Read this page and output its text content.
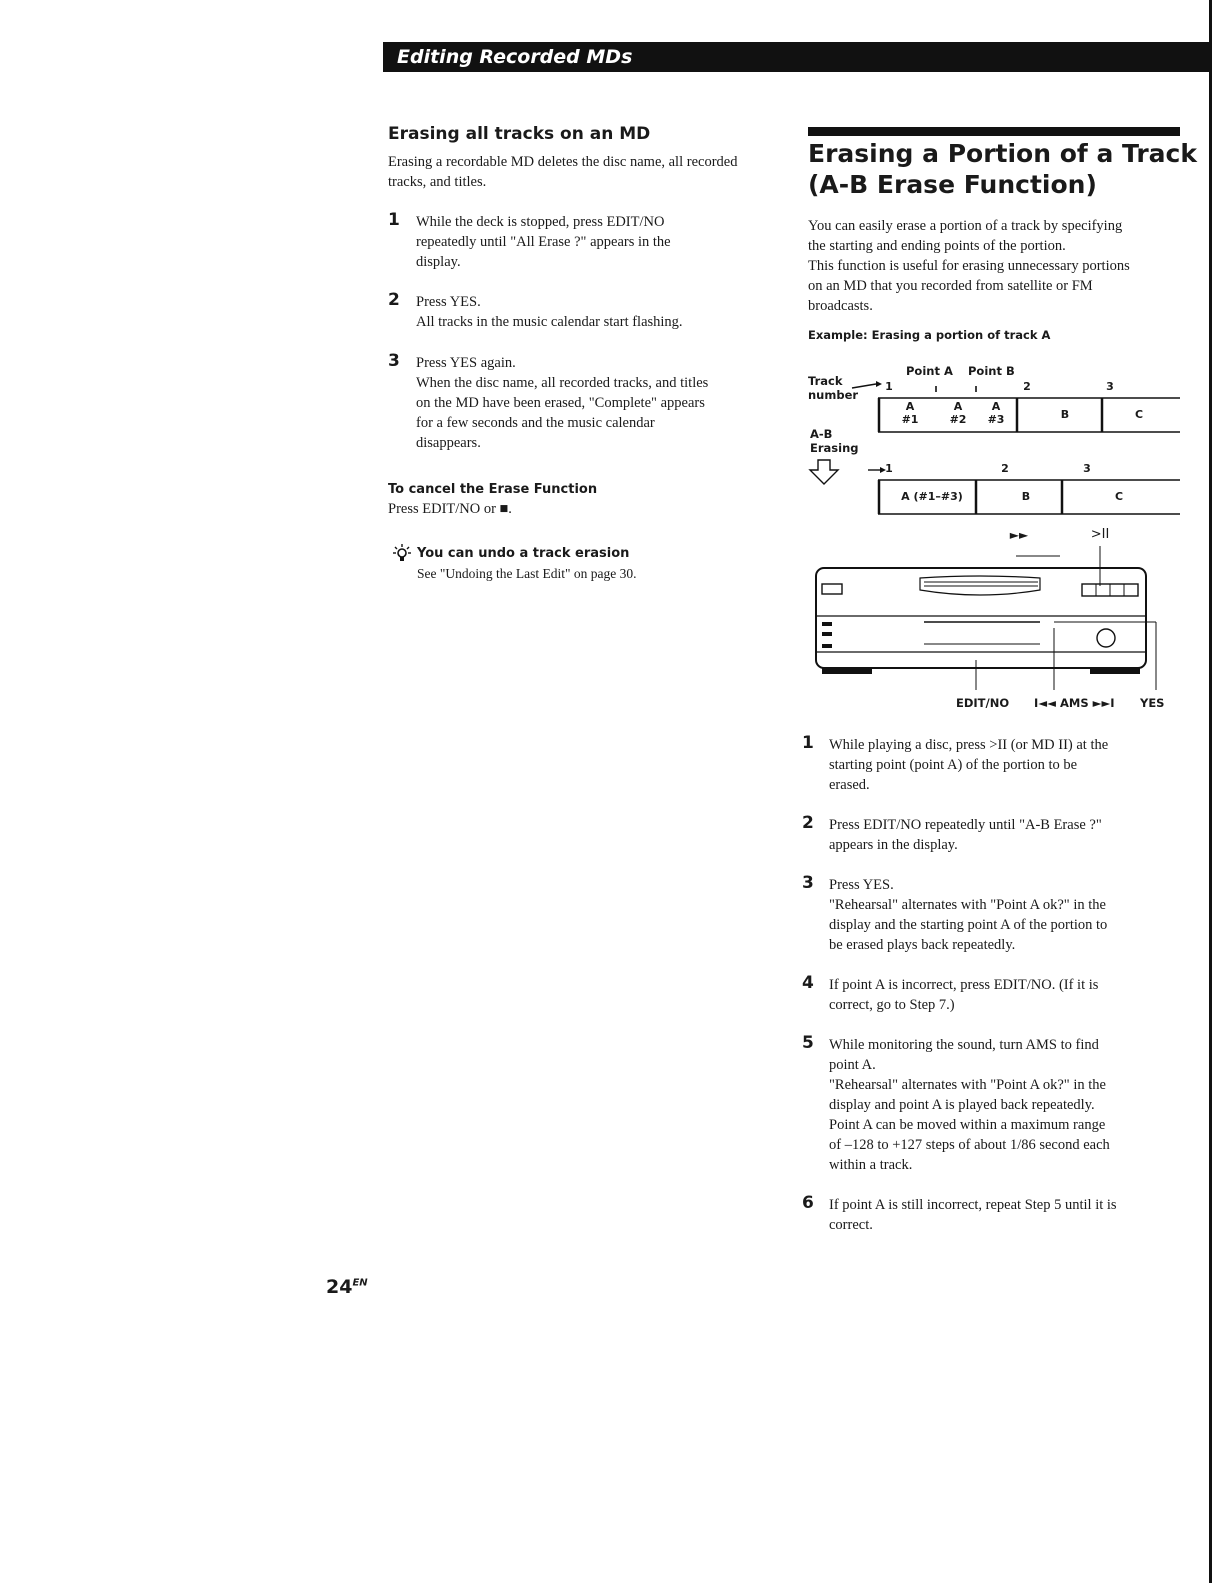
Editing Recorded MDs
Erasing all tracks on an MD
Erasing a recordable MD deletes the disc name, all recorded tracks, and titles.
1 While the deck is stopped, press EDIT/NO
repeatedly until "All Erase ?" appears in the
display.
2 Press YES.
All tracks in the music calendar start flashing.
3 Press YES again.
When the disc name, all recorded tracks, and titles
on the MD have been erased, "Complete" appears
for a few seconds and the music calendar
disappears.
To cancel the Erase Function
Press EDIT/NO or ■.
You can undo a track erasion
See "Undoing the Last Edit" on page 30.
Erasing a Portion of a Track
(A-B Erase Function)
You can easily erase a portion of a track by specifying
the starting and ending points of the portion.
This function is useful for erasing unnecessary portions
on an MD that you recorded from satellite or FM
broadcasts.
Example: Erasing a portion of track A
Point A Point B
Track
number
A-B
Erasing
1	2	3
A
#1
A
#2
A
#3	B	C
1	2	3
A (#1–#3)	B	C
►►	>II
EDIT/NO I◄◄ AMS ►►I YES
1 While playing a disc, press >II (or MD II) at the
starting point (point A) of the portion to be
erased.
2 Press EDIT/NO repeatedly until "A-B Erase ?"
appears in the display.
3 Press YES.
"Rehearsal" alternates with "Point A ok?" in the
display and the starting point A of the portion to
be erased plays back repeatedly.
4 If point A is incorrect, press EDIT/NO. (If it is
correct, go to Step 7.)
5 While monitoring the sound, turn AMS to find
point A.
"Rehearsal" alternates with "Point A ok?" in the
display and point A is played back repeatedly.
Point A can be moved within a maximum range
of –128 to +127 steps of about 1/86 second each
within a track.
6 If point A is still incorrect, repeat Step 5 until it is
correct.
$24^{EN}$
